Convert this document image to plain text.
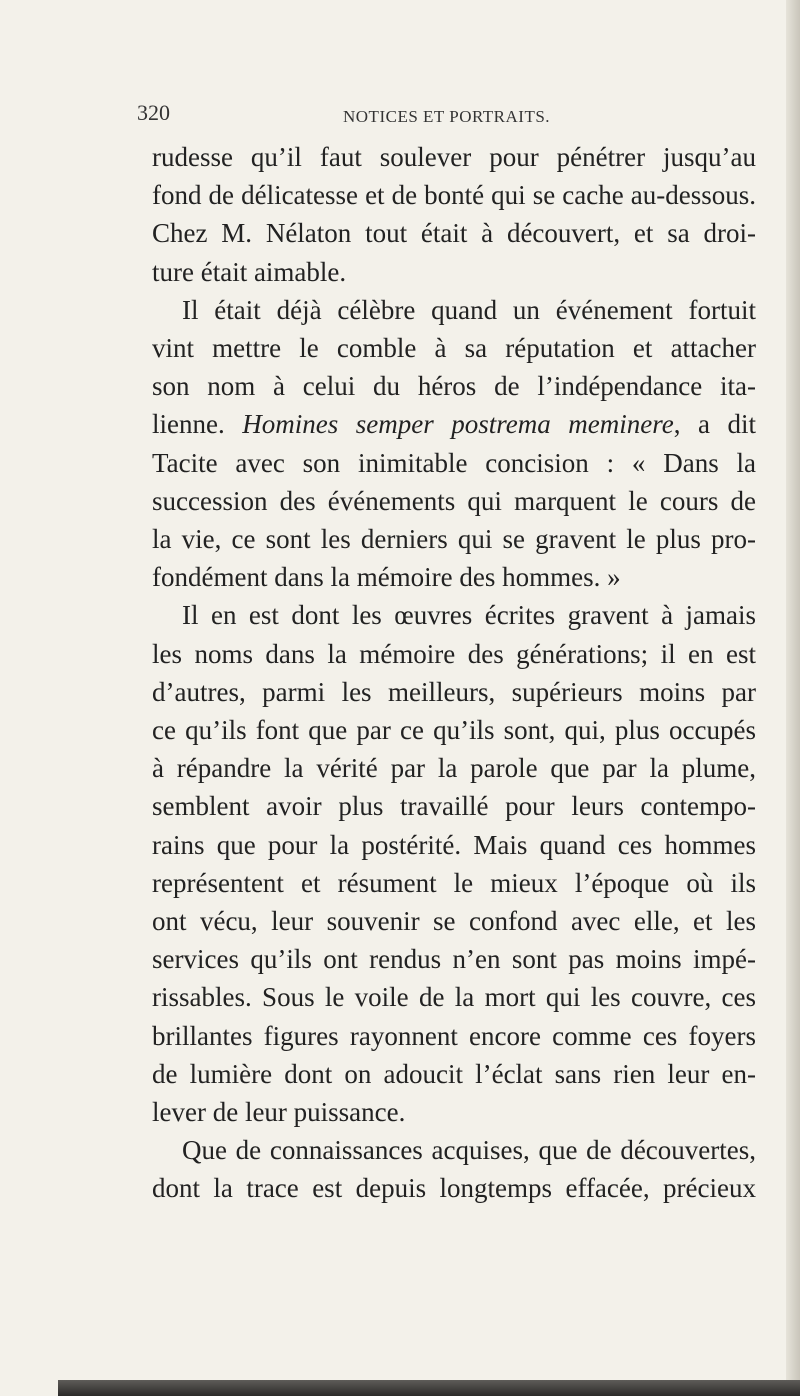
320	NOTICES ET PORTRAITS.
rudesse qu’il faut soulever pour pénétrer jusqu’au
fond de délicatesse et de bonté qui se cache au-dessous.
Chez M. Nélaton tout était à découvert, et sa droi-
ture était aimable.
Il était déjà célèbre quand un événement fortuit
vint mettre le comble à sa réputation et attacher
son nom à celui du héros de l’indépendance ita-
lienne. Homines semper postrema meminere, a dit
Tacite avec son inimitable concision : « Dans la
succession des événements qui marquent le cours de
la vie, ce sont les derniers qui se gravent le plus pro-
fondément dans la mémoire des hommes. »
Il en est dont les œuvres écrites gravent à jamais
les noms dans la mémoire des générations; il en est
d’autres, parmi les meilleurs, supérieurs moins par
ce qu’ils font que par ce qu’ils sont, qui, plus occupés
à répandre la vérité par la parole que par la plume,
semblent avoir plus travaillé pour leurs contempo-
rains que pour la postérité. Mais quand ces hommes
représentent et résument le mieux l’époque où ils
ont vécu, leur souvenir se confond avec elle, et les
services qu’ils ont rendus n’en sont pas moins impé-
rissables. Sous le voile de la mort qui les couvre, ces
brillantes figures rayonnent encore comme ces foyers
de lumière dont on adoucit l’éclat sans rien leur en-
lever de leur puissance.
Que de connaissances acquises, que de découvertes,
dont la trace est depuis longtemps effacée, précieux
